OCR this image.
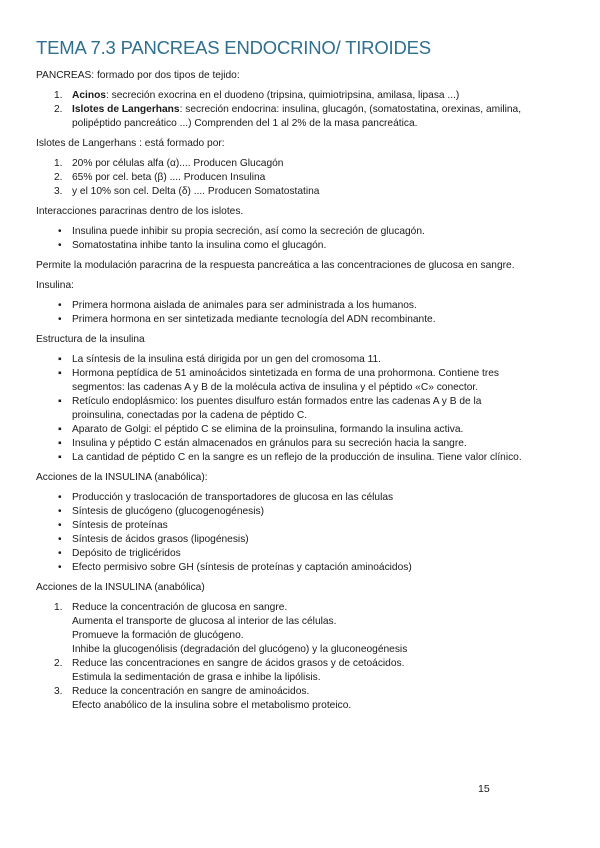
TEMA 7.3 PANCREAS ENDOCRINO/ TIROIDES

PANCREAS: formado por dos tipos de tejido:

1. Acinos: secreción exocrina en el duodeno (tripsina, quimiotripsina, amilasa, lipasa ...)
2. Islotes de Langerhans: secreción endocrina: insulina, glucagón, (somatostatina, orexinas, amilina,
polipéptido pancreático ...) Comprenden del 1 al 2% de la masa pancreática.

Islotes de Langerhans : está formado por:

1. 20% por células alfa (α).... Producen Glucagón
2. 65% por cel. beta (β) .... Producen Insulina
3. y el 10% son cel. Delta (δ) .... Producen Somatostatina

Interacciones paracrinas dentro de los islotes.

• Insulina puede inhibir su propia secreción, así como la secreción de glucagón.
• Somatostatina inhibe tanto la insulina como el glucagón.

Permite la modulación paracrina de la respuesta pancreática a las concentraciones de glucosa en sangre.

Insulina:

• Primera hormona aislada de animales para ser administrada a los humanos.
• Primera hormona en ser sintetizada mediante tecnología del ADN recombinante.

Estructura de la insulina

▪ La síntesis de la insulina está dirigida por un gen del cromosoma 11.
▪ Hormona peptídica de 51 aminoácidos sintetizada en forma de una prohormona. Contiene tres
segmentos: las cadenas A y B de la molécula activa de insulina y el péptido «C» conector.
▪ Retículo endoplásmico: los puentes disulfuro están formados entre las cadenas A y B de la
proinsulina, conectadas por la cadena de péptido C.
▪ Aparato de Golgi: el péptido C se elimina de la proinsulina, formando la insulina activa.
▪ Insulina y péptido C están almacenados en gránulos para su secreción hacia la sangre.
▪ La cantidad de péptido C en la sangre es un reflejo de la producción de insulina. Tiene valor clínico.

Acciones de la INSULINA (anabólica):

• Producción y traslocación de transportadores de glucosa en las células
• Síntesis de glucógeno (glucogenogénesis)
• Síntesis de proteínas
• Síntesis de ácidos grasos (lipogénesis)
• Depósito de triglicéridos
• Efecto permisivo sobre GH (síntesis de proteínas y captación aminoácidos)

Acciones de la INSULINA (anabólica)

1. Reduce la concentración de glucosa en sangre.
Aumenta el transporte de glucosa al interior de las células.
Promueve la formación de glucógeno.
Inhibe la glucogenólisis (degradación del glucógeno) y la gluconeogénesis
2. Reduce las concentraciones en sangre de ácidos grasos y de cetoácidos.
Estimula la sedimentación de grasa e inhibe la lipólisis.
3. Reduce la concentración en sangre de aminoácidos.
Efecto anabólico de la insulina sobre el metabolismo proteico.
15
